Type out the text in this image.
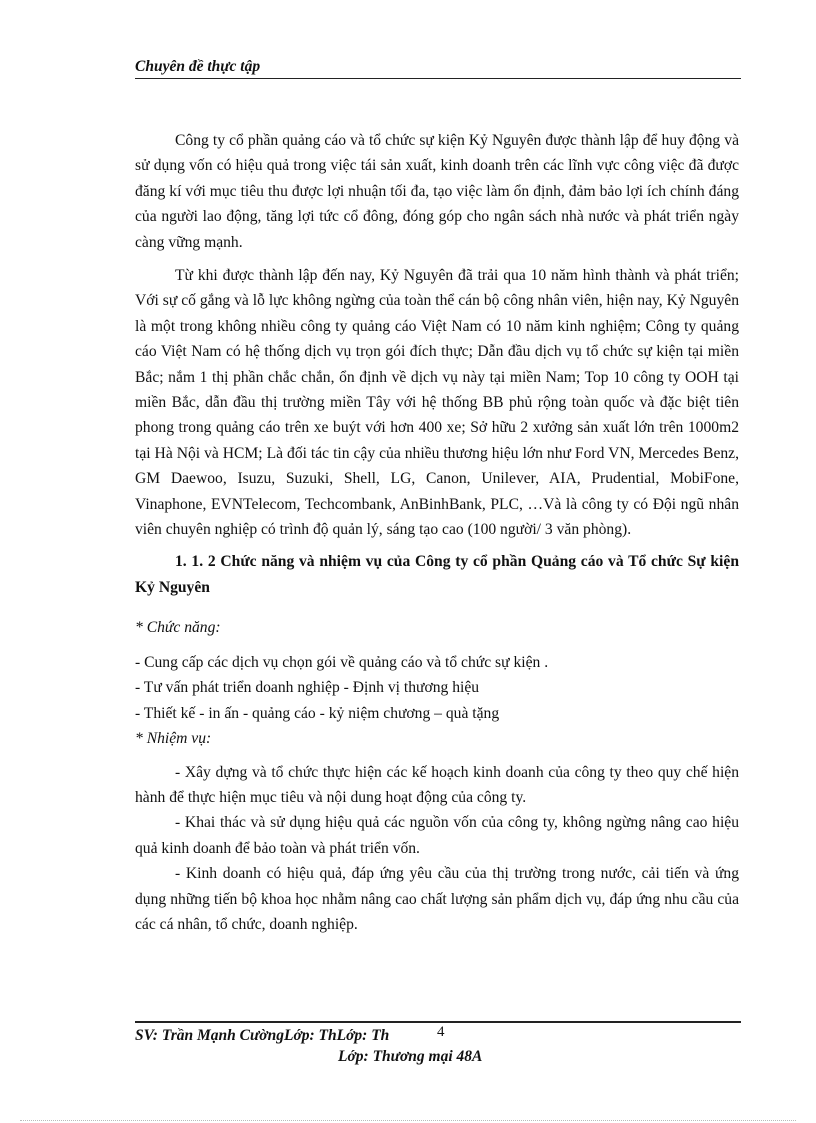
Chuyên đề thực tập

Công ty cổ phần quảng cáo và tổ chức sự kiện Kỷ Nguyên được thành lập để huy động và sử dụng vốn có hiệu quả trong việc tái sản xuất, kinh doanh trên các lĩnh vực công việc đã được đăng kí với mục tiêu thu được lợi nhuận tối đa, tạo việc làm ổn định, đảm bảo lợi ích chính đáng của người lao động, tăng lợi tức cổ đông, đóng góp cho ngân sách nhà nước và phát triển ngày càng vững mạnh.

Từ khi được thành lập đến nay, Kỷ Nguyên đã trải qua 10 năm hình thành và phát triển; Với sự cố gắng và lỗ lực không ngừng của toàn thể cán bộ công nhân viên, hiện nay, Kỷ Nguyên là một trong không nhiều công ty quảng cáo Việt Nam có 10 năm kinh nghiệm; Công ty quảng cáo Việt Nam có hệ thống dịch vụ trọn gói đích thực; Dẫn đầu dịch vụ tổ chức sự kiện tại miền Bắc; nắm 1 thị phần chắc chắn, ổn định về dịch vụ này tại miền Nam; Top 10 công ty OOH tại miền Bắc, dẫn đầu thị trường miền Tây với hệ thống BB phủ rộng toàn quốc và đặc biệt tiên phong trong quảng cáo trên xe buýt với hơn 400 xe; Sở hữu 2 xưởng sản xuất lớn trên 1000m2 tại Hà Nội và HCM; Là đối tác tin cậy của nhiều thương hiệu lớn như Ford VN, Mercedes Benz, GM Daewoo, Isuzu, Suzuki, Shell, LG, Canon, Unilever, AIA, Prudential, MobiFone, Vinaphone, EVNTelecom, Techcombank, AnBinhBank, PLC, …Và là công ty có Đội ngũ nhân viên chuyên nghiệp có trình độ quản lý, sáng tạo cao (100 người/ 3 văn phòng).

1. 1. 2 Chức năng và nhiệm vụ của Công ty cổ phần Quảng cáo và Tổ chức Sự kiện Kỷ Nguyên

* Chức năng:

- Cung cấp các dịch vụ chọn gói về quảng cáo và tổ chức sự kiện .

- Tư vấn phát triển doanh nghiệp - Định vị thương hiệu

- Thiết kế - in ấn - quảng cáo - kỷ niệm chương – quà tặng

* Nhiệm vụ:

- Xây dựng và tổ chức thực hiện các kế hoạch kinh doanh của công ty theo quy chế hiện hành để thực hiện mục tiêu và nội dung hoạt động của công ty.

- Khai thác và sử dụng hiệu quả các nguồn vốn của công ty, không ngừng nâng cao hiệu quả kinh doanh để bảo toàn và phát triển vốn.

- Kinh doanh có hiệu quả, đáp ứng yêu cầu của thị trường trong nước, cải tiến và ứng dụng những tiến bộ khoa học nhằm nâng cao chất lượng sản phẩm dịch vụ, đáp ứng nhu cầu của các cá nhân, tổ chức, doanh nghiệp.

SV: Trần Mạnh CườngLớp: ThLớp: Th	4
Lớp: Thương mại 48A
